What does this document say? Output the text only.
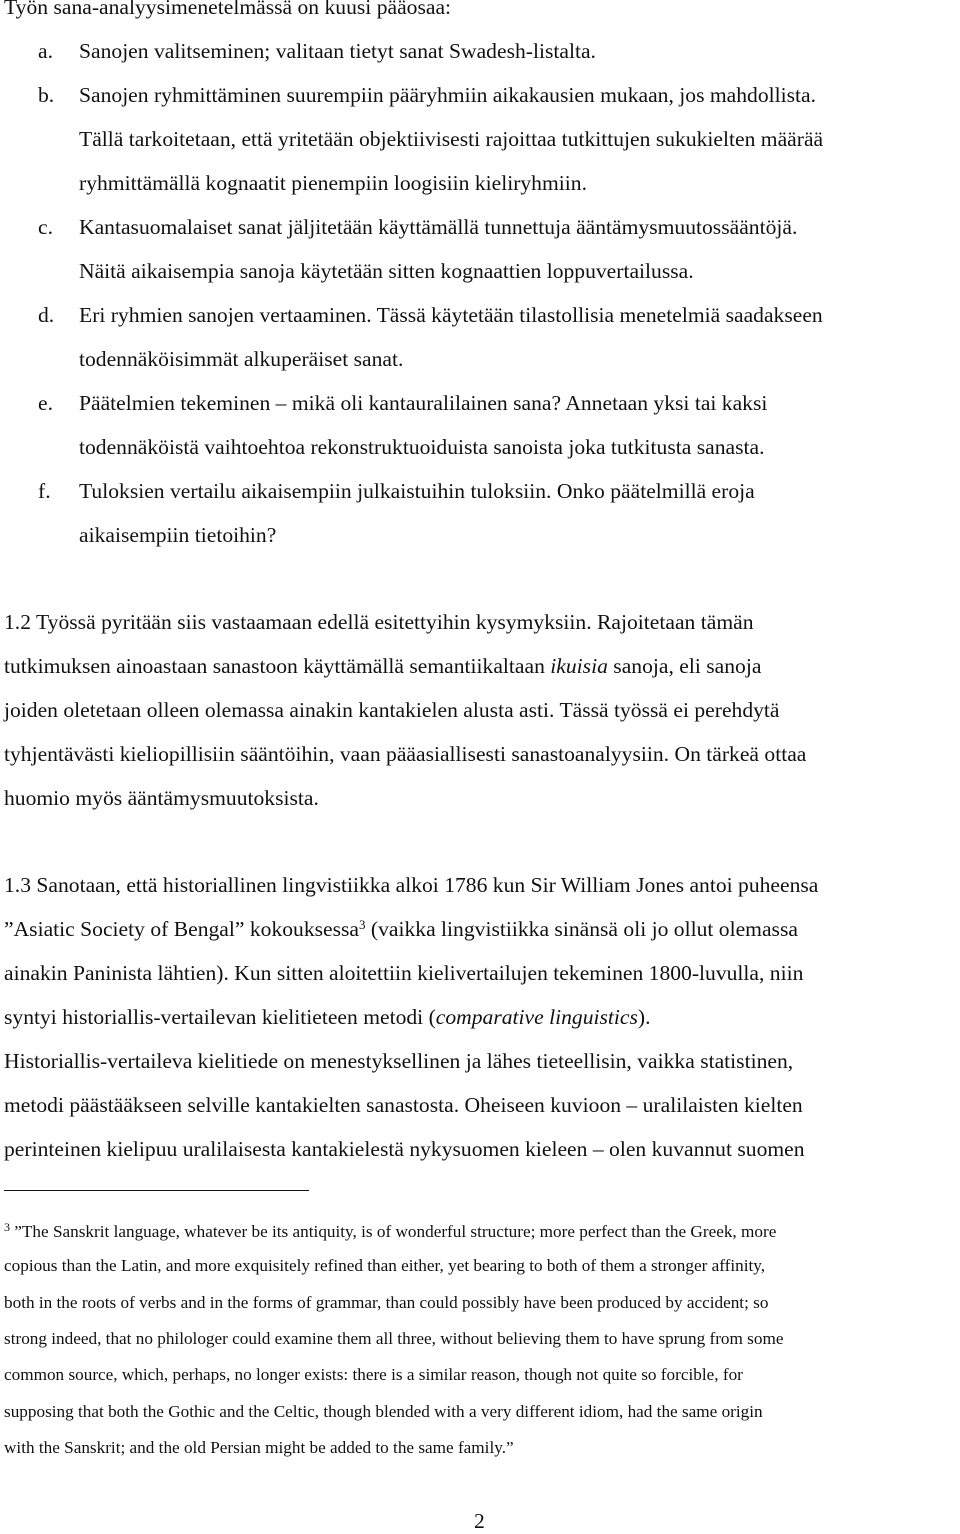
Työn sana-analyysimenetelmässä on kuusi pääosaa:
a. Sanojen valitseminen; valitaan tietyt sanat Swadesh-listalta.
b. Sanojen ryhmittäminen suurempiin pääryhmiin aikakausien mukaan, jos mahdollista.
Tällä tarkoitetaan, että yritetään objektiivisesti rajoittaa tutkittujen sukukielten määrää
ryhmittämällä kognaatit pienempiin loogisiin kieliryhmiin.
c. Kantasuomalaiset sanat jäljitetään käyttämällä tunnettuja ääntämysmuutossääntöjä.
Näitä aikaisempia sanoja käytetään sitten kognaattien loppuvertailussa.
d. Eri ryhmien sanojen vertaaminen. Tässä käytetään tilastollisia menetelmiä saadakseen
todennäköisimmät alkuperäiset sanat.
e. Päätelmien tekeminen – mikä oli kantauralilainen sana? Annetaan yksi tai kaksi
todennäköistä vaihtoehtoa rekonstruktuoiduista sanoista joka tutkitusta sanasta.
f. Tuloksien vertailu aikaisempiin julkaistuihin tuloksiin. Onko päätelmillä eroja
aikaisempiin tietoihin?
1.2 Työssä pyritään siis vastaamaan edellä esitettyihin kysymyksiin. Rajoitetaan tämän
tutkimuksen ainoastaan sanastoon käyttämällä semantiikaltaan ikuisia sanoja, eli sanoja
joiden oletetaan olleen olemassa ainakin kantakielen alusta asti. Tässä työssä ei perehdytä
tyhjentävästi kieliopillisiin sääntöihin, vaan pääasiallisesti sanastoanalyysiin. On tärkeä ottaa
huomio myös ääntämysmuutoksista.
1.3 Sanotaan, että historiallinen lingvistiikka alkoi 1786 kun Sir William Jones antoi puheensa
”Asiatic Society of Bengal” kokouksessa$^3$ (vaikka lingvistiikka sinänsä oli jo ollut olemassa
ainakin Paninista lähtien). Kun sitten aloitettiin kielivertailujen tekeminen 1800-luvulla, niin
syntyi historiallis-vertailevan kielitieteen metodi (comparative linguistics).
Historiallis-vertaileva kielitiede on menestyksellinen ja lähes tieteellisin, vaikka statistinen,
metodi päästääkseen selville kantakielten sanastosta. Oheiseen kuvioon – uralilaisten kielten
perinteinen kielipuu uralilaisesta kantakielestä nykysuomen kieleen – olen kuvannut suomen
$^3$ ”The Sanskrit language, whatever be its antiquity, is of wonderful structure; more perfect than the Greek, more
copious than the Latin, and more exquisitely refined than either, yet bearing to both of them a stronger affinity,
both in the roots of verbs and in the forms of grammar, than could possibly have been produced by accident; so
strong indeed, that no philologer could examine them all three, without believing them to have sprung from some
common source, which, perhaps, no longer exists: there is a similar reason, though not quite so forcible, for
supposing that both the Gothic and the Celtic, though blended with a very different idiom, had the same origin
with the Sanskrit; and the old Persian might be added to the same family.”
2
